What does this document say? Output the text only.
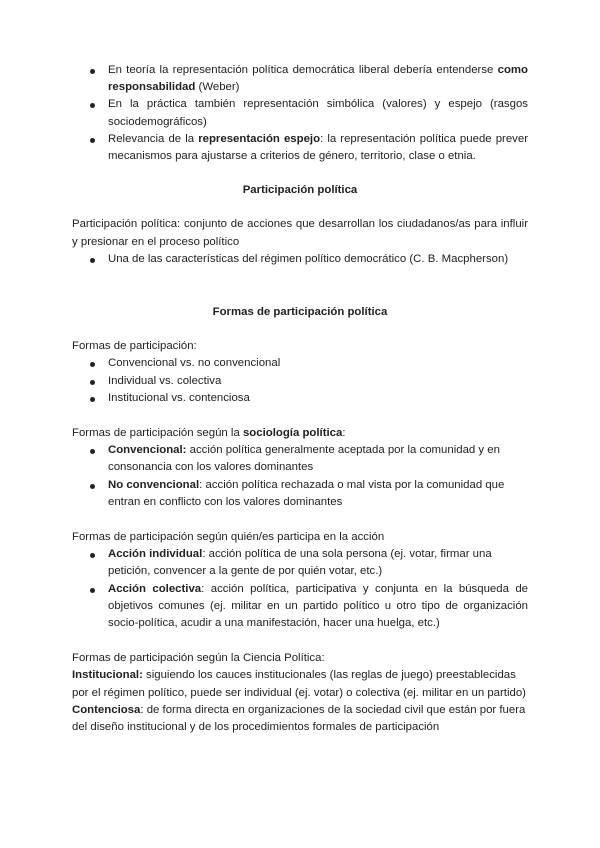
En teoría la representación política democrática liberal debería entenderse como responsabilidad (Weber)
En la práctica también representación simbólica (valores) y espejo (rasgos sociodemográficos)
Relevancia de la representación espejo: la representación política puede prever mecanismos para ajustarse a criterios de género, territorio, clase o etnia.
Participación política

Participación política: conjunto de acciones que desarrollan los ciudadanos/as para influir y presionar en el proceso político

Una de las características del régimen político democrático (C. B. Macpherson)
Formas de participación política

Formas de participación:

Convencional vs. no convencional
Individual vs. colectiva
Institucional vs. contenciosa

Formas de participación según la sociología política:

Convencional: acción política generalmente aceptada por la comunidad y en consonancia con los valores dominantes
No convencional: acción política rechazada o mal vista por la comunidad que entran en conflicto con los valores dominantes

Formas de participación según quién/es participa en la acción

Acción individual: acción política de una sola persona (ej. votar, firmar una petición, convencer a la gente de por quién votar, etc.)
Acción colectiva: acción política, participativa y conjunta en la búsqueda de objetivos comunes (ej. militar en un partido político u otro tipo de organización socio-política, acudir a una manifestación, hacer una huelga, etc.)

Formas de participación según la Ciencia Política:

Institucional: siguiendo los cauces institucionales (las reglas de juego) preestablecidas por el régimen político, puede ser individual (ej. votar) o colectiva (ej. militar en un partido)

Contenciosa: de forma directa en organizaciones de la sociedad civil que están por fuera del diseño institucional y de los procedimientos formales de participación
